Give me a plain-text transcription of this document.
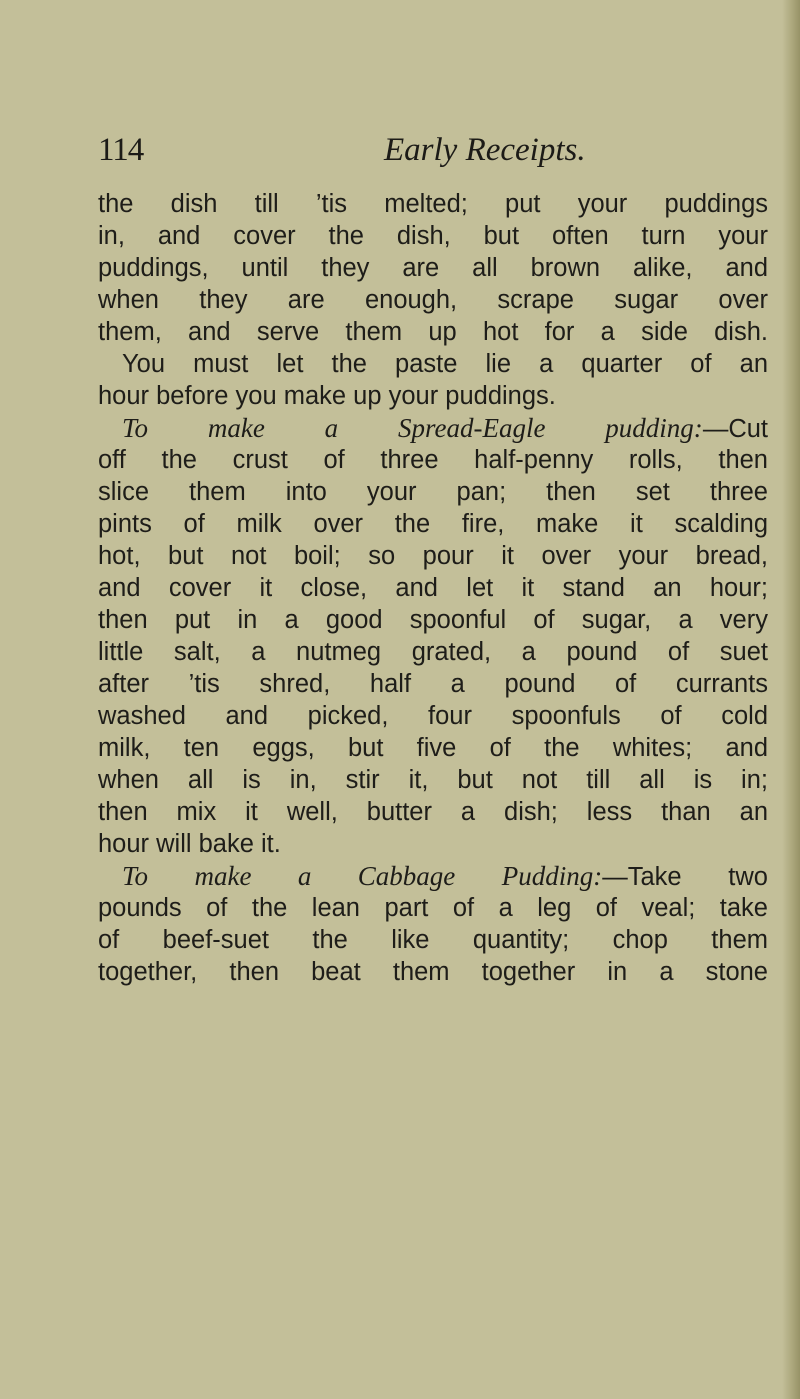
114	Early Receipts.
the dish till ’tis melted; put your puddings
in, and cover the dish, but often turn your
puddings, until they are all brown alike, and
when they are enough, scrape sugar over
them, and serve them up hot for a side dish.
You must let the paste lie a quarter of an
hour before you make up your puddings.
To make a Spread-Eagle pudding:—Cut
off the crust of three half-penny rolls, then
slice them into your pan; then set three
pints of milk over the fire, make it scalding
hot, but not boil; so pour it over your bread,
and cover it close, and let it stand an hour;
then put in a good spoonful of sugar, a very
little salt, a nutmeg grated, a pound of suet
after ’tis shred, half a pound of currants
washed and picked, four spoonfuls of cold
milk, ten eggs, but five of the whites; and
when all is in, stir it, but not till all is in;
then mix it well, butter a dish; less than an
hour will bake it.
To make a Cabbage Pudding:—Take two
pounds of the lean part of a leg of veal; take
of beef-suet the like quantity; chop them
together, then beat them together in a stone
